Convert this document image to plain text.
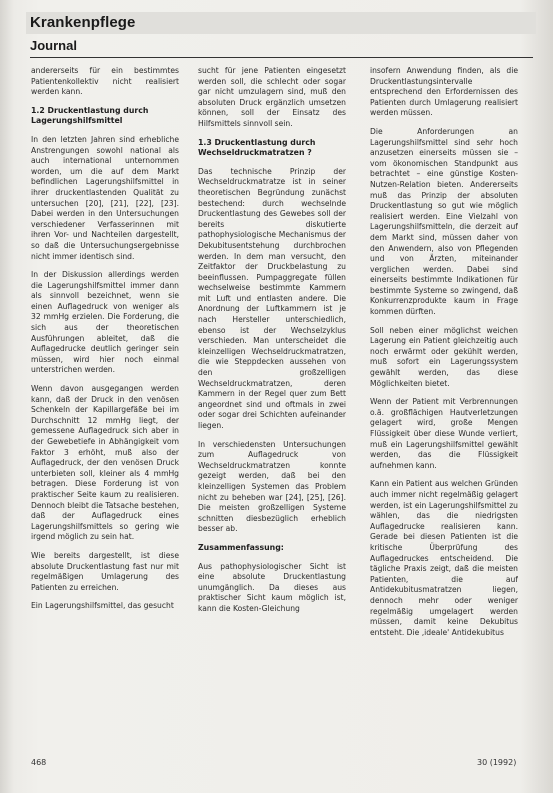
Krankenpflege
Journal

andererseits für ein bestimmtes Patientenkollektiv nicht realisiert werden kann.

1.2 Druckentlastung durch Lagerungshilfsmittel

In den letzten Jahren sind erhebliche Anstrengungen sowohl national als auch international unternommen worden, um die auf dem Markt befindlichen Lagerungshilfsmittel in ihrer druckentlastenden Qualität zu untersuchen [20], [21], [22], [23]. Dabei werden in den Untersuchungen verschiedener Verfasserinnen mit ihren Vor- und Nachteilen dargestellt, so daß die Untersuchungsergebnisse nicht immer identisch sind.

In der Diskussion allerdings werden die Lagerungshilfsmittel immer dann als sinnvoll bezeichnet, wenn sie einen Auflagedruck von weniger als 32 mmHg erzielen. Die Forderung, die sich aus der theoretischen Ausführungen ableitet, daß die Auflagedrucke deutlich geringer sein müssen, wird hier noch einmal unterstrichen werden.

Wenn davon ausgegangen werden kann, daß der Druck in den venösen Schenkeln der Kapillargefäße bei im Durchschnitt 12 mmHg liegt, der gemessene Auflagedruck sich aber in der Gewebetiefe in Abhängigkeit vom Faktor 3 erhöht, muß also der Auflagedruck, der den venösen Druck unterbieten soll, kleiner als 4 mmHg betragen. Diese Forderung ist von praktischer Seite kaum zu realisieren. Dennoch bleibt die Tatsache bestehen, daß der Auflagedruck eines Lagerungshilfsmittels so gering wie irgend möglich zu sein hat.

Wie bereits dargestellt, ist diese absolute Druckentlastung fast nur mit regelmäßigen Umlagerung des Patienten zu erreichen.

Ein Lagerungshilfsmittel, das gesucht

sucht für jene Patienten eingesetzt werden soll, die schlecht oder sogar gar nicht umzulagern sind, muß den absoluten Druck ergänzlich umsetzen können, soll der Einsatz des Hilfsmittels sinnvoll sein.

1.3 Druckentlastung durch Wechseldruckmatratzen ?

Das technische Prinzip der Wechseldruckmatratze ist in seiner theoretischen Begründung zunächst bestechend: durch wechselnde Druckentlastung des Gewebes soll der bereits diskutierte pathophysiologische Mechanismus der Dekubitusentstehung durchbrochen werden. In dem man versucht, den Zeitfaktor der Druckbelastung zu beeinflussen. Pumpaggregate füllen wechselweise bestimmte Kammern mit Luft und entlasten andere. Die Anordnung der Luftkammern ist je nach Hersteller unterschiedlich, ebenso ist der Wechselzyklus verschieden. Man unterscheidet die kleinzelligen Wechseldruckmatratzen, die wie Steppdecken aussehen von den großzelligen Wechseldruckmatratzen, deren Kammern in der Regel quer zum Bett angeordnet sind und oftmals in zwei oder sogar drei Schichten aufeinander liegen.

In verschiedensten Untersuchungen zum Auflagedruck von Wechseldruckmatratzen konnte gezeigt werden, daß bei den kleinzelligen Systemen das Problem nicht zu beheben war [24], [25], [26]. Die meisten großzelligen Systeme schnitten diesbezüglich erheblich besser ab.

Zusammenfassung:

Aus pathophysiologischer Sicht ist eine absolute Druckentlastung unumgänglich. Da dieses aus praktischer Sicht kaum möglich ist, kann die Kosten-Gleichung

insofern Anwendung finden, als die Druckentlastungsintervalle entsprechend den Erfordernissen des Patienten durch Umlagerung realisiert werden müssen.

Die Anforderungen an Lagerungshilfsmittel sind sehr hoch anzusetzen einerseits müssen sie – vom ökonomischen Standpunkt aus betrachtet – eine günstige Kosten-Nutzen-Relation bieten. Andererseits muß das Prinzip der absoluten Druckentlastung so gut wie möglich realisiert werden. Eine Vielzahl von Lagerungshilfsmitteln, die derzeit auf dem Markt sind, müssen daher von den Anwendern, also von Pflegenden und von Ärzten, miteinander verglichen werden. Dabei sind einerseits bestimmte Indikationen für bestimmte Systeme so zwingend, daß Konkurrenzprodukte kaum in Frage kommen dürften.

Soll neben einer möglichst weichen Lagerung ein Patient gleichzeitig auch noch erwärmt oder gekühlt werden, muß sofort ein Lagerungssystem gewählt werden, das diese Möglichkeiten bietet.

Wenn der Patient mit Verbrennungen o.ä. großflächigen Hautverletzungen gelagert wird, große Mengen Flüssigkeit über diese Wunde verliert, muß ein Lagerungshilfsmittel gewählt werden, das die Flüssigkeit aufnehmen kann.

Kann ein Patient aus welchen Gründen auch immer nicht regelmäßig gelagert werden, ist ein Lagerungshilfsmittel zu wählen, das die niedrigsten Auflagedrucke realisieren kann. Gerade bei diesen Patienten ist die kritische Überprüfung des Auflagedruckes entscheidend. Die tägliche Praxis zeigt, daß die meisten Patienten, die auf Antidekubitusmatratzen liegen, dennoch mehr oder weniger regelmäßig umgelagert werden müssen, damit keine Dekubitus entsteht. Die ‚ideale' Antidekubitus

468	30 (1992)
